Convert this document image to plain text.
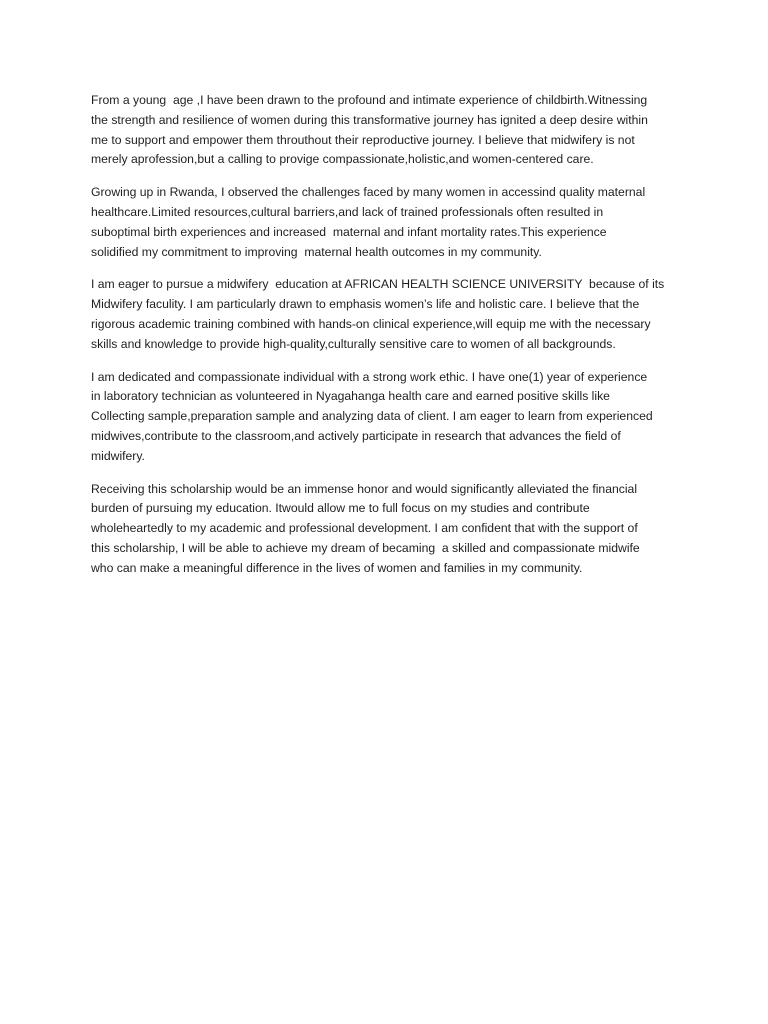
From a young  age ,I have been drawn to the profound and intimate experience of childbirth.Witnessing
the strength and resilience of women during this transformative journey has ignited a deep desire within
me to support and empower them throuthout their reproductive journey. I believe that midwifery is not
merely aprofession,but a calling to provige compassionate,holistic,and women-centered care.

Growing up in Rwanda, I observed the challenges faced by many women in accessind quality maternal
healthcare.Limited resources,cultural barriers,and lack of trained professionals often resulted in
suboptimal birth experiences and increased  maternal and infant mortality rates.This experience
solidified my commitment to improving  maternal health outcomes in my community.

I am eager to pursue a midwifery  education at AFRICAN HEALTH SCIENCE UNIVERSITY  because of its
Midwifery faculity. I am particularly drawn to emphasis women’s life and holistic care. I believe that the
rigorous academic training combined with hands-on clinical experience,will equip me with the necessary
skills and knowledge to provide high-quality,culturally sensitive care to women of all backgrounds.

I am dedicated and compassionate individual with a strong work ethic. I have one(1) year of experience
in laboratory technician as volunteered in Nyagahanga health care and earned positive skills like
Collecting sample,preparation sample and analyzing data of client. I am eager to learn from experienced
midwives,contribute to the classroom,and actively participate in research that advances the field of
midwifery.

Receiving this scholarship would be an immense honor and would significantly alleviated the financial
burden of pursuing my education. Itwould allow me to full focus on my studies and contribute
wholeheartedly to my academic and professional development. I am confident that with the support of
this scholarship, I will be able to achieve my dream of becaming  a skilled and compassionate midwife
who can make a meaningful difference in the lives of women and families in my community.
